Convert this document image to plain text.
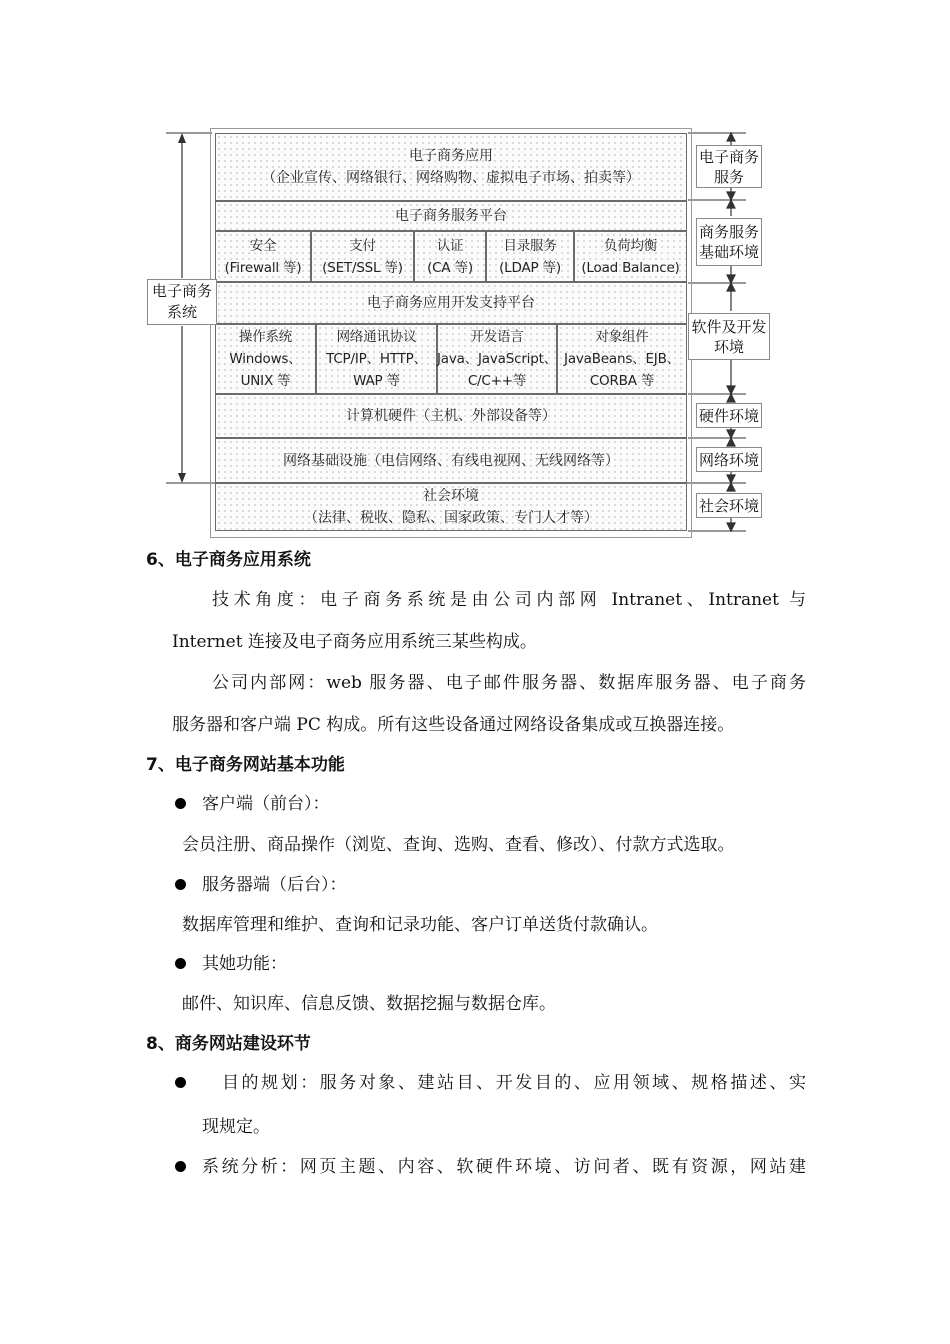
电子商务应用
（企业宣传、网络银行、网络购物、虚拟电子市场、拍卖等）
电子商务服务平台
安全
(Firewall 等)
支付
(SET/SSL 等)
认证
(CA 等)
目录服务
(LDAP 等)
负荷均衡
(Load Balance)
电子商务应用开发支持平台
操作系统
Windows、
UNIX 等
网络通讯协议
TCP/IP、HTTP、
WAP 等
开发语言
Java、JavaScript、
C/C++等
对象组件
JavaBeans、EJB、
CORBA 等
计算机硬件（主机、外部设备等）
网络基础设施（电信网络、有线电视网、无线网络等）
社会环境
（法律、税收、隐私、国家政策、专门人才等）
电子商务
系统
电子商务
服务
商务服务
基础环境
软件及开发
环境
硬件环境
网络环境
社会环境
6、电子商务应用系统
技术角度：电子商务系统是由公司内部网 Intranet、Intranet 与
Internet 连接及电子商务应用系统三某些构成。
公司内部网：web 服务器、电子邮件服务器、数据库服务器、电子商务
服务器和客户端 PC 构成。所有这些设备通过网络设备集成或互换器连接。
7、电子商务网站基本功能
客户端（前台）：
会员注册、商品操作（浏览、查询、选购、查看、修改）、付款方式选取。
服务器端（后台）：
数据库管理和维护、查询和记录功能、客户订单送货付款确认。
其她功能：
邮件、知识库、信息反馈、数据挖掘与数据仓库。
8、商务网站建设环节
目的规划：服务对象、建站目、开发目的、应用领域、规格描述、实
现规定。
系统分析：网页主题、内容、软硬件环境、访问者、既有资源，网站建
